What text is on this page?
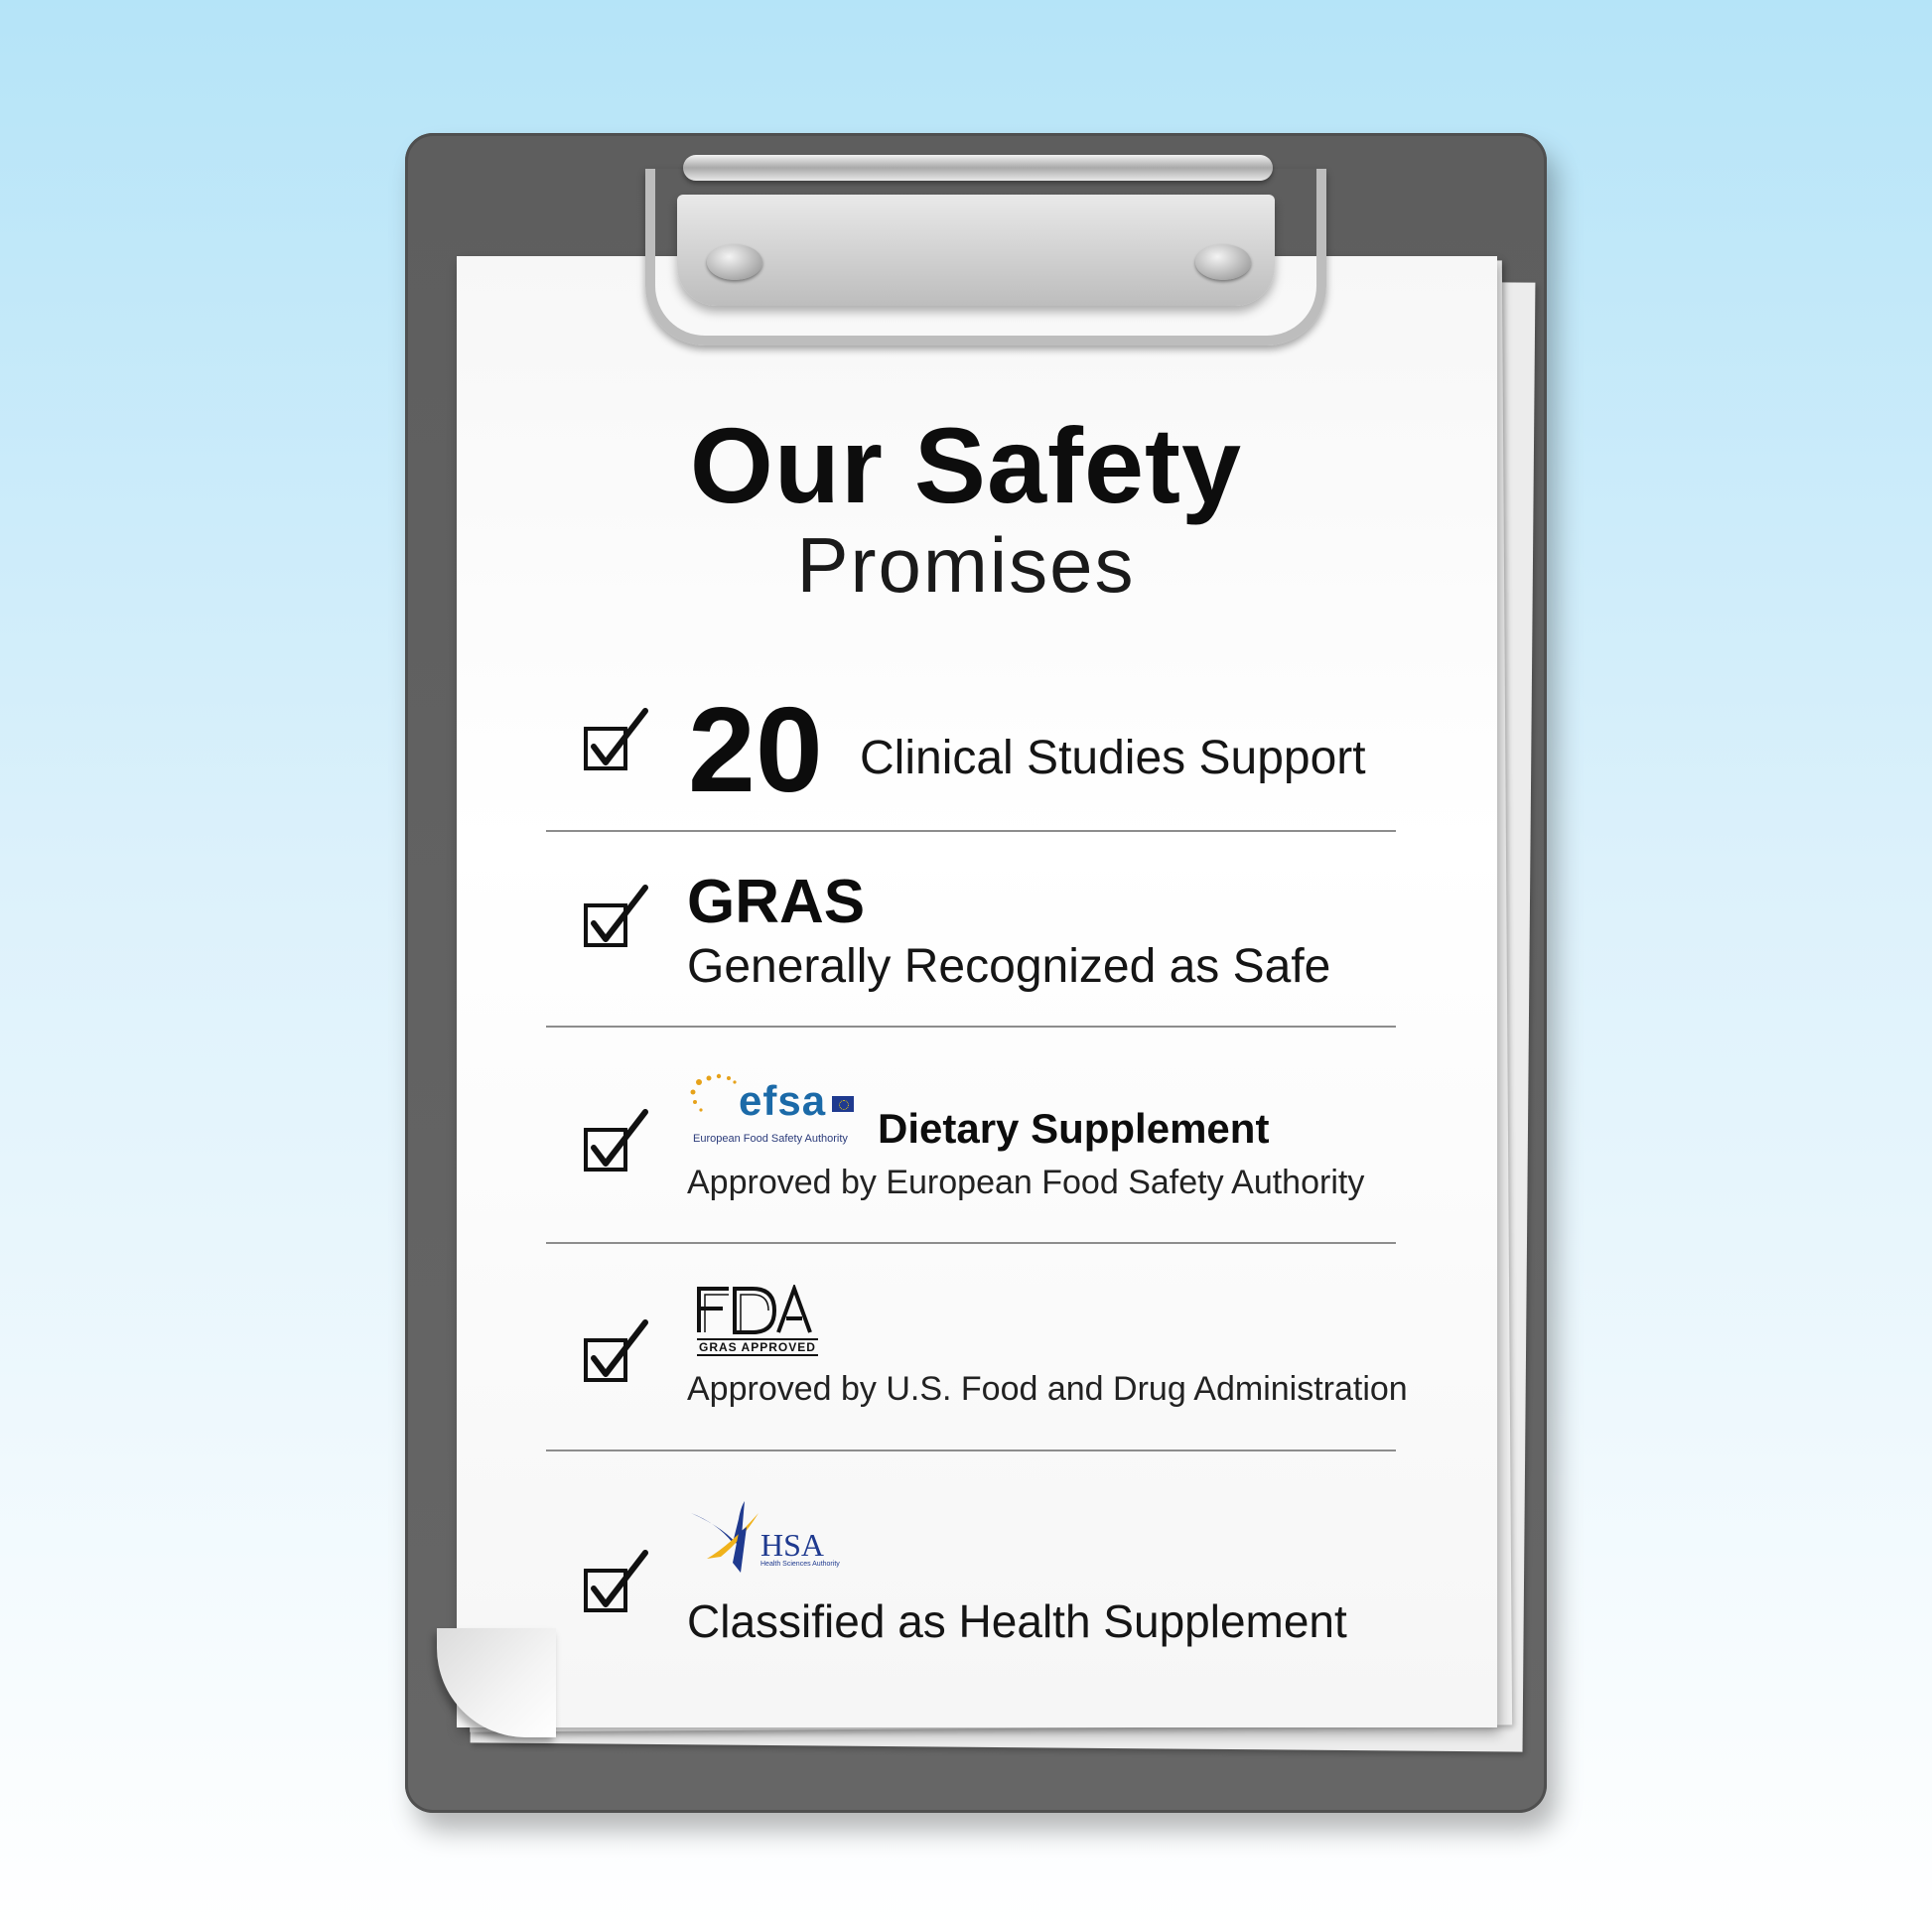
Our Safety
Promises
20 Clinical Studies Support
GRAS
Generally Recognized as Safe
efsa
European Food Safety Authority Dietary Supplement
Approved by European Food Safety Authority
GRAS APPROVED
Approved by U.S. Food and Drug Administration
HSA
Health Sciences Authority
Classified as Health Supplement
